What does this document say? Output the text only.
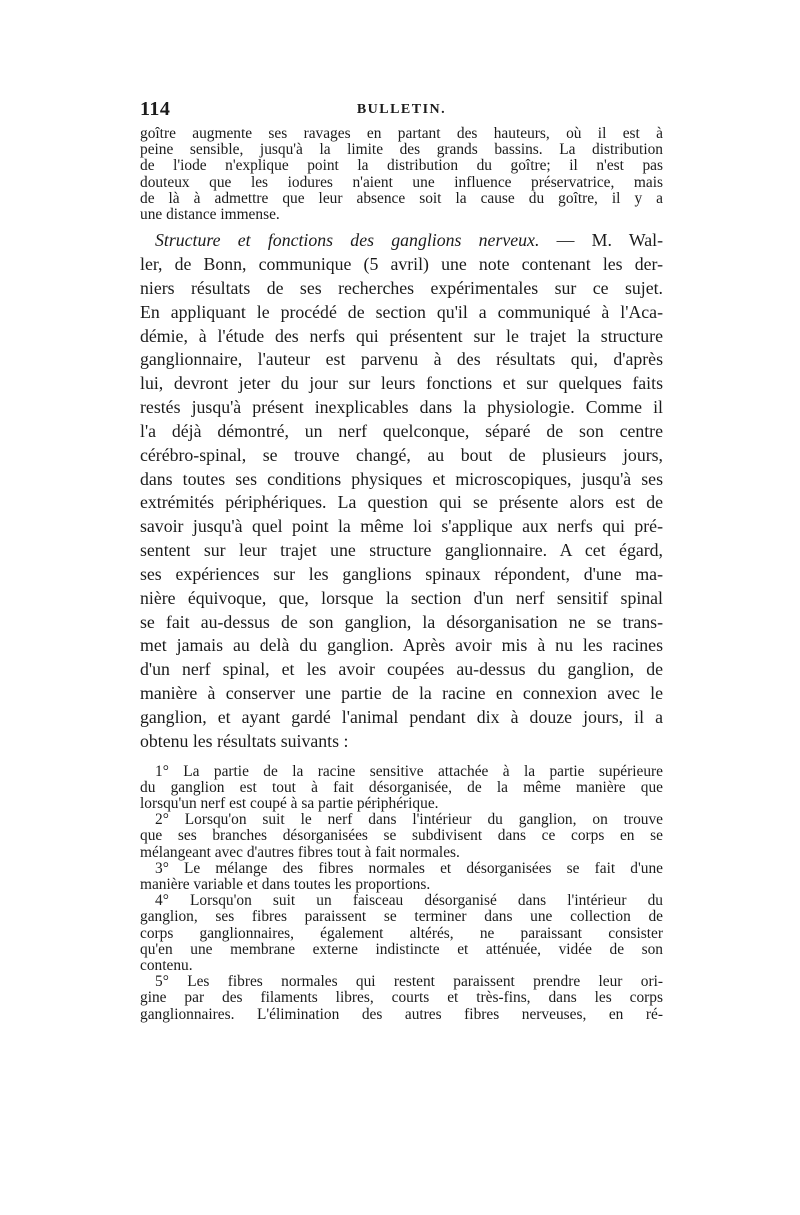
114	BULLETIN.
goître augmente ses ravages en partant des hauteurs, où il est à
peine sensible, jusqu'à la limite des grands bassins. La distribution
de l'iode n'explique point la distribution du goître; il n'est pas
douteux que les iodures n'aient une influence préservatrice, mais
de là à admettre que leur absence soit la cause du goître, il y a
une distance immense.
Structure et fonctions des ganglions nerveux. — M. Wal-
ler, de Bonn, communique (5 avril) une note contenant les der-
niers résultats de ses recherches expérimentales sur ce sujet.
En appliquant le procédé de section qu'il a communiqué à l'Aca-
démie, à l'étude des nerfs qui présentent sur le trajet la structure
ganglionnaire, l'auteur est parvenu à des résultats qui, d'après
lui, devront jeter du jour sur leurs fonctions et sur quelques faits
restés jusqu'à présent inexplicables dans la physiologie. Comme il
l'a déjà démontré, un nerf quelconque, séparé de son centre
cérébro-spinal, se trouve changé, au bout de plusieurs jours,
dans toutes ses conditions physiques et microscopiques, jusqu'à ses
extrémités périphériques. La question qui se présente alors est de
savoir jusqu'à quel point la même loi s'applique aux nerfs qui pré-
sentent sur leur trajet une structure ganglionnaire. A cet égard,
ses expériences sur les ganglions spinaux répondent, d'une ma-
nière équivoque, que, lorsque la section d'un nerf sensitif spinal
se fait au-dessus de son ganglion, la désorganisation ne se trans-
met jamais au delà du ganglion. Après avoir mis à nu les racines
d'un nerf spinal, et les avoir coupées au-dessus du ganglion, de
manière à conserver une partie de la racine en connexion avec le
ganglion, et ayant gardé l'animal pendant dix à douze jours, il a
obtenu les résultats suivants :
1° La partie de la racine sensitive attachée à la partie supérieure
du ganglion est tout à fait désorganisée, de la même manière que
lorsqu'un nerf est coupé à sa partie périphérique.
2° Lorsqu'on suit le nerf dans l'intérieur du ganglion, on trouve
que ses branches désorganisées se subdivisent dans ce corps en se
mélangeant avec d'autres fibres tout à fait normales.
3° Le mélange des fibres normales et désorganisées se fait d'une
manière variable et dans toutes les proportions.
4° Lorsqu'on suit un faisceau désorganisé dans l'intérieur du
ganglion, ses fibres paraissent se terminer dans une collection de
corps ganglionnaires, également altérés, ne paraissant consister
qu'en une membrane externe indistincte et atténuée, vidée de son
contenu.
5° Les fibres normales qui restent paraissent prendre leur ori-
gine par des filaments libres, courts et très-fins, dans les corps
ganglionnaires. L'élimination des autres fibres nerveuses, en ré-
